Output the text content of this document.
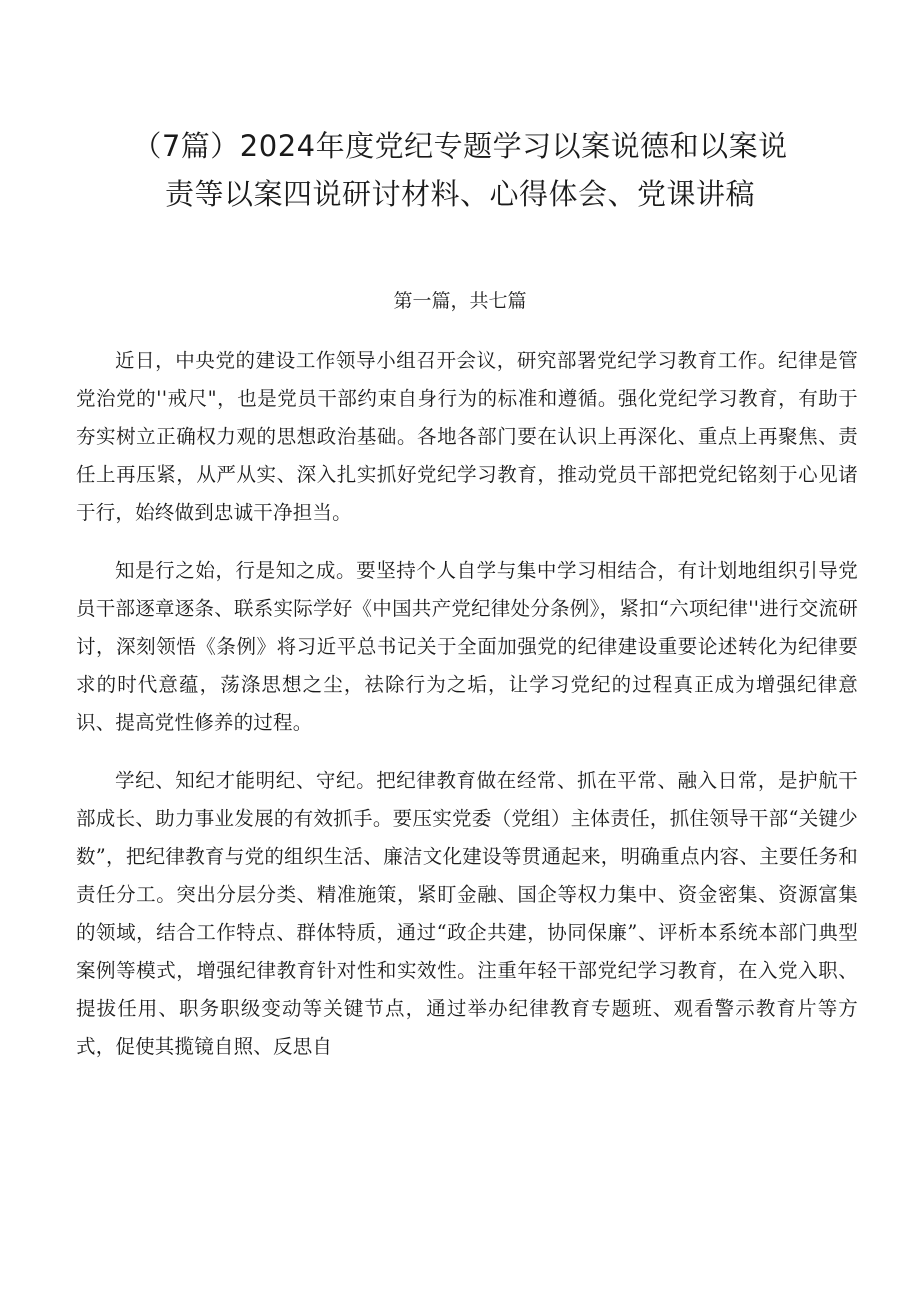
（7篇）2024年度党纪专题学习以案说德和以案说
责等以案四说研讨材料、心得体会、党课讲稿

第一篇，共七篇

近日，中央党的建设工作领导小组召开会议，研究部署党纪学习教育工作。纪律是管党治党的''戒尺"，也是党员干部约束自身行为的标准和遵循。强化党纪学习教育，有助于夯实树立正确权力观的思想政治基础。各地各部门要在认识上再深化、重点上再聚焦、责任上再压紧，从严从实、深入扎实抓好党纪学习教育，推动党员干部把党纪铭刻于心见诸于行，始终做到忠诚干净担当。

知是行之始，行是知之成。要坚持个人自学与集中学习相结合，有计划地组织引导党员干部逐章逐条、联系实际学好《中国共产党纪律处分条例》，紧扣“六项纪律''进行交流研讨，深刻领悟《条例》将习近平总书记关于全面加强党的纪律建设重要论述转化为纪律要求的时代意蕴，荡涤思想之尘，祛除行为之垢，让学习党纪的过程真正成为增强纪律意识、提高党性修养的过程。

学纪、知纪才能明纪、守纪。把纪律教育做在经常、抓在平常、融入日常，是护航干部成长、助力事业发展的有效抓手。要压实党委（党组）主体责任，抓住领导干部“关键少数”，把纪律教育与党的组织生活、廉洁文化建设等贯通起来，明确重点内容、主要任务和责任分工。突出分层分类、精准施策，紧盯金融、国企等权力集中、资金密集、资源富集的领域，结合工作特点、群体特质，通过“政企共建，协同保廉”、评析本系统本部门典型案例等模式，增强纪律教育针对性和实效性。注重年轻干部党纪学习教育，在入党入职、提拔任用、职务职级变动等关键节点，通过举办纪律教育专题班、观看警示教育片等方式，促使其揽镜自照、反思自
